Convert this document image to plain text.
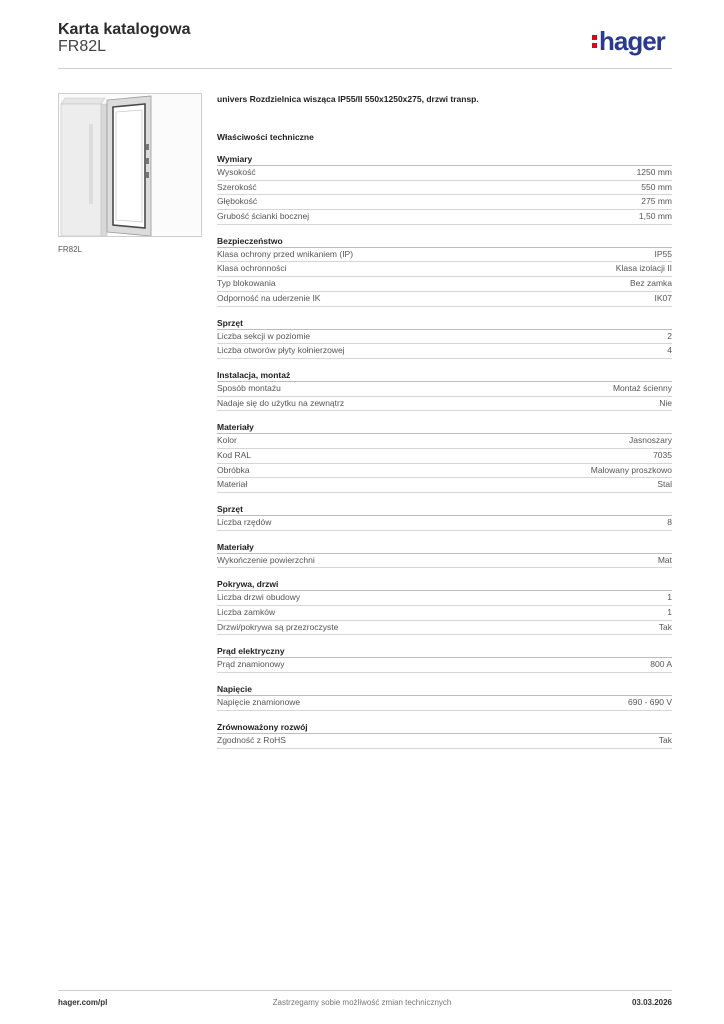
Karta katalogowa
FR82L	hager
FR82L
univers Rozdzielnica wisząca IP55/II 550x1250x275, drzwi transp.
Właściwości techniczne
Wymiary
Wysokość	1250 mm
Szerokość	550 mm
Głębokość	275 mm
Grubość ścianki bocznej	1,50 mm
Bezpieczeństwo
Klasa ochrony przed wnikaniem (IP)	IP55
Klasa ochronności	Klasa izolacji II
Typ blokowania	Bez zamka
Odporność na uderzenie IK	IK07
Sprzęt
Liczba sekcji w poziomie	2
Liczba otworów płyty kołnierzowej	4
Instalacja, montaż
Sposób montażu	Montaż ścienny
Nadaje się do użytku na zewnątrz	Nie
Materiały
Kolor	Jasnoszary
Kod RAL	7035
Obróbka	Malowany proszkowo
Materiał	Stal
Sprzęt
Liczba rzędów	8
Materiały
Wykończenie powierzchni	Mat
Pokrywa, drzwi
Liczba drzwi obudowy	1
Liczba zamków	1
Drzwi/pokrywa są przezroczyste	Tak
Prąd elektryczny
Prąd znamionowy	800 A
Napięcie
Napięcie znamionowe	690 - 690 V
Zrównoważony rozwój
Zgodność z RoHS	Tak
Zastrzegamy sobie możliwość zmian technicznych
hager.com/pl	03.03.2026
